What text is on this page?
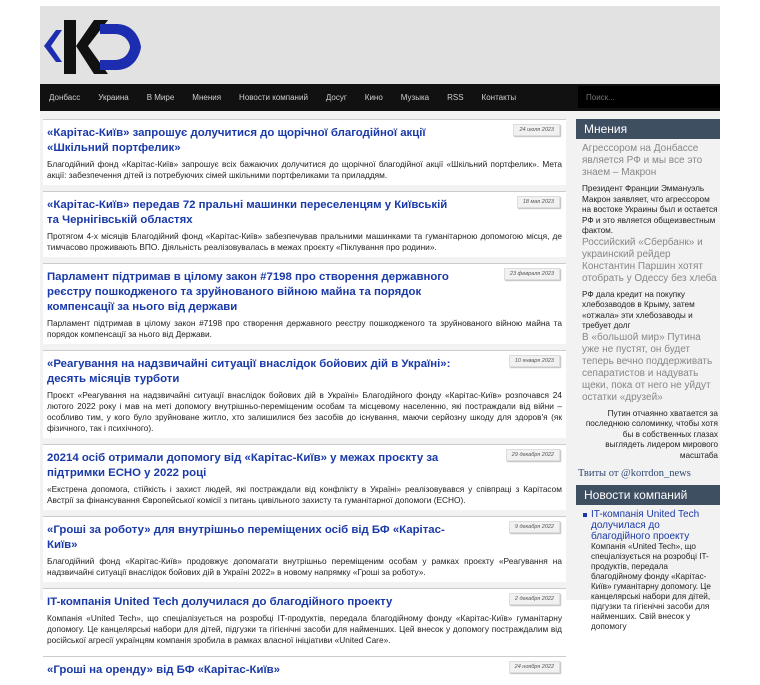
Донбасс	Украина	В Мире	Мнения	Новости компаний	Досуг	Кино	Музыка	RSS	Контакты
Поиск...
24 июля 2023
«Карітас-Київ» запрошує долучитися до щорічної благодійної акції «Шкільний портфелик»

Благодійний фонд «Карітас-Київ» запрошує всіх бажаючих долучитися до щорічної благодійної акції «Шкільний портфелик». Мета акції: забезпечення дітей із потребуючих сімей шкільними портфеликами та приладдям.

18 мая 2023
«Карітас-Київ» передав 72 пральні машинки переселенцям у Київській та Чернігівській областях

Протягом 4-х місяців Благодійний фонд «Карітас-Київ» забезпечував пральними машинками та гуманітарною допомогою місця, де тимчасово проживають ВПО. Діяльність реалізовувалась в межах проєкту «Піклування про родини».

23 февраля 2023
Парламент підтримав в цілому закон #7198 про створення державного реєстру пошкодженого та зруйнованого війною майна та порядок компенсації за нього від держави

Парламент підтримав в цілому закон #7198 про створення державного реєстру пошкодженого та зруйнованого війною майна та порядок компенсації за нього від Держави.

10 января 2023
«Реагування на надзвичайні ситуації внаслідок бойових дій в Україні»: десять місяців турботи

Проєкт «Реагування на надзвичайні ситуації внаслідок бойових дій в Україні» Благодійного фонду «Карітас-Київ» розпочався 24 лютого 2022 року і мав на меті допомогу внутрішньо-переміщеним особам та місцевому населенню, які постраждали від війни – особливо тим, у кого було зруйноване житло, хто залишилися без засобів до існування, маючи серйозну шкоду для здоров'я (як фізичного, так і психічного).

29 декабря 2022
20214 осіб отримали допомогу від «Карітас-Київ» у межах проєкту за підтримки ЕСНО у 2022 році

«Екстрена допомога, стійкість і захист людей, які постраждали від конфлікту в Україні» реалізовувався у співпраці з Карітасом Австрії за фінансування Європейської комісії з питань цивільного захисту та гуманітарної допомоги (ЕСНО).

9 декабря 2022
«Гроші за роботу» для внутрішньо переміщених осіб від БФ «Карітас-Київ»

Благодійний фонд «Карітас-Київ» продовжує допомагати внутрішньо переміщеним особам у рамках проєкту «Реагування на надзвичайні ситуації внаслідок бойових дій в Україні 2022» в новому напрямку «Гроші за роботу».

2 декабря 2022
IT-компанія United Tech долучилася до благодійного проекту

Компанія «United Tech», що спеціалізується на розробці IT-продуктів, передала благодійному фонду «Карітас-Київ» гуманітарну допомогу. Це канцелярські набори для дітей, підгузки та гігієнічні засоби для найменших. Цей внесок у допомогу постраждалим від російської агресії українцям компанія зробила в рамках власної ініціативи «United Care».

24 ноября 2022
«Гроші на оренду» від БФ «Карітас-Київ»

Мнения
Агрессором на Донбассе является РФ и мы все это знаем – Макрон
Президент Франции Эммануэль Макрон заявляет, что агрессором на востоке Украины был и остается РФ и это является общеизвестным фактом.
Российский «Сбербанк» и украинский рейдер Константин Паршин хотят отобрать у Одессу без хлеба
РФ дала кредит на покупку хлебозаводов в Крыму, затем «отжала» эти хлебозаводы и требует долг
В «большой мир» Путина уже не пустят, он будет теперь вечно поддерживать сепаратистов и надувать щеки, пока от него не уйдут остатки «друзей»
Путин отчаянно хватается за последнюю соломинку, чтобы хотя бы в собственных глазах выглядеть лидером мирового масштаба
Твиты от @korrdon_news
Новости компаний
IT-компанія United Tech долучилася до благодійного проекту
Компанія «United Tech», що спеціалізується на розробці IT-продуктів, передала благодійному фонду «Карітас-Київ» гуманітарну допомогу. Це канцелярські набори для дітей, підгузки та гігієнічні засоби для найменших. Свій внесок у допомогу
